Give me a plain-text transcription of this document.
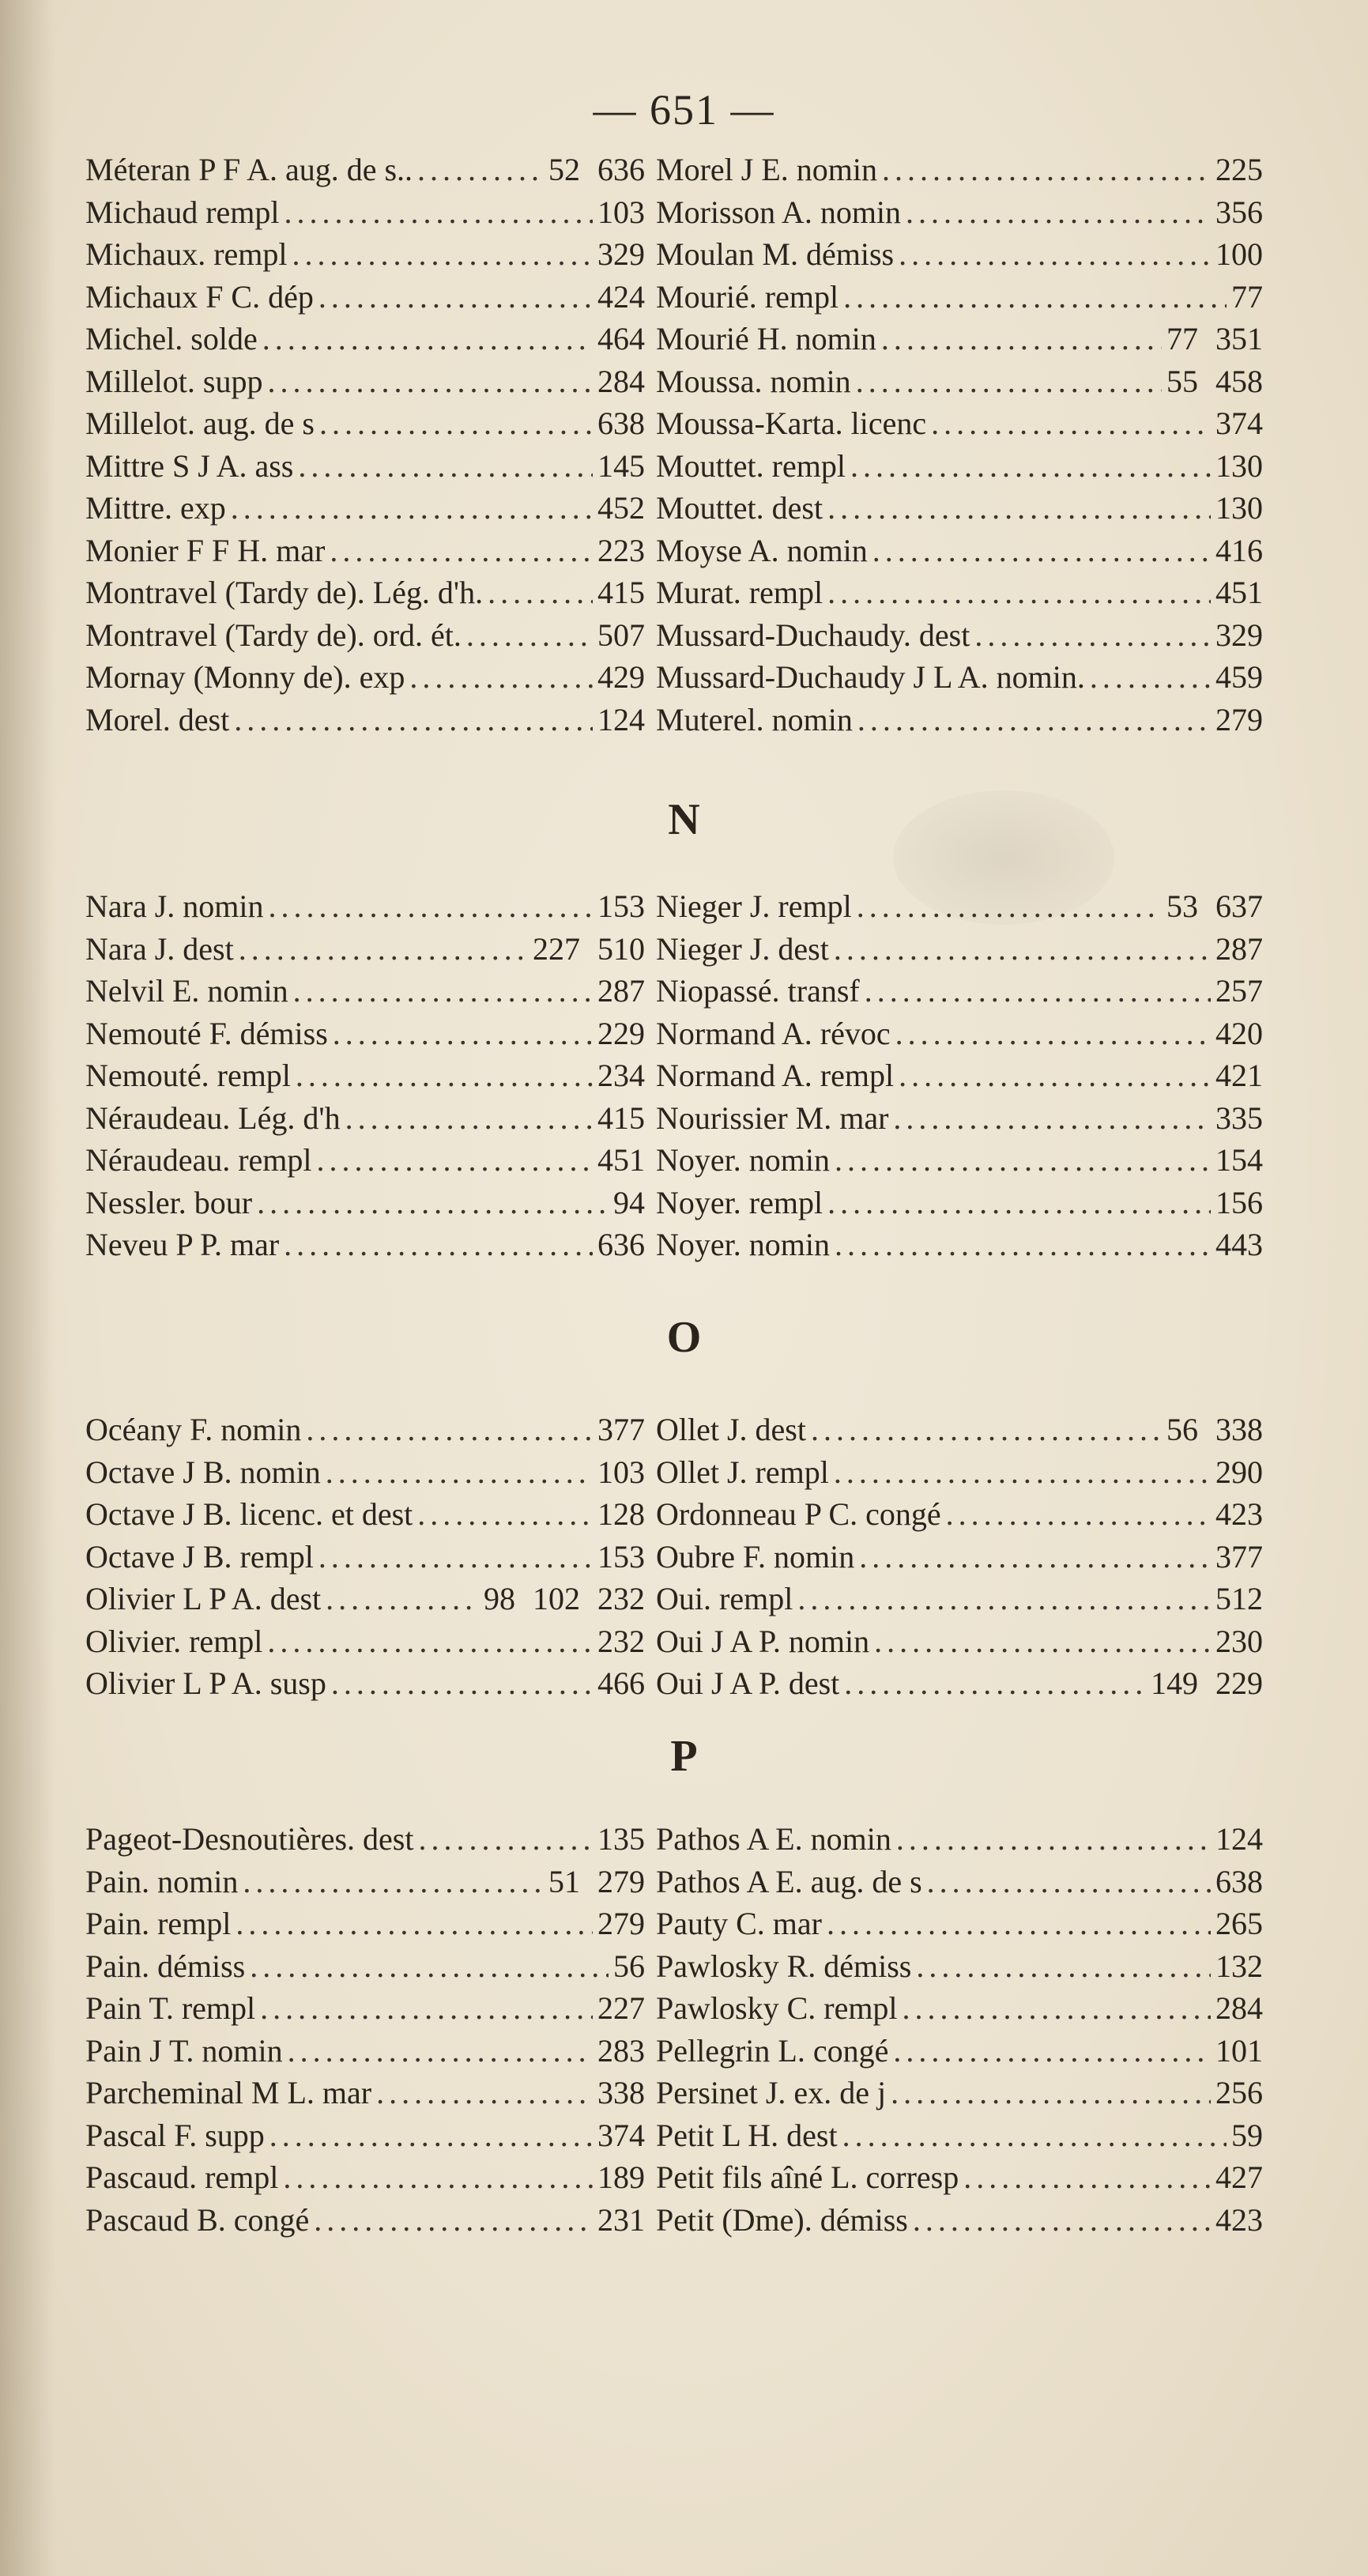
— 651 —
Méteran P F A. aug. de s.. . . .	52 636
Michaud rempl . . .	103
Michaux. rempl . . .	329
Michaux F C. dép . . .	424
Michel. solde . . .	464
Millelot. supp . . .	284
Millelot. aug. de s . . .	638
Mittre S J A. ass . . .	145
Mittre. exp . . .	452
Monier F F H. mar . . .	223
Montravel (Tardy de). Lég. d'h. . . .	415
Montravel (Tardy de). ord. ét. . . .	507
Mornay (Monny de). exp . . .	429
Morel. dest . . .	124
Morel J E. nomin . . .	225
Morisson A. nomin . . .	356
Moulan M. démiss . . .	100
Mourié. rempl . . .	77
Mourié H. nomin . . .	77 351
Moussa. nomin . . .	55 458
Moussa-Karta. licenc . . .	374
Mouttet. rempl . . .	130
Mouttet. dest . . .	130
Moyse A. nomin . . .	416
Murat. rempl . . .	451
Mussard-Duchaudy. dest . . .	329
Mussard-Duchaudy J L A. nomin. . . .	459
Muterel. nomin . . .	279
N
Nara J. nomin . . .	153
Nara J. dest . . .	227 510
Nelvil E. nomin . . .	287
Nemouté F. démiss . . .	229
Nemouté. rempl . . .	234
Néraudeau. Lég. d'h . . .	415
Néraudeau. rempl . . .	451
Nessler. bour . . .	94
Neveu P P. mar . . .	636
Nieger J. rempl . . .	53 637
Nieger J. dest . . .	287
Niopassé. transf . . .	257
Normand A. révoc . . .	420
Normand A. rempl . . .	421
Nourissier M. mar . . .	335
Noyer. nomin . . .	154
Noyer. rempl . . .	156
Noyer. nomin . . .	443
O
Océany F. nomin . . .	377
Octave J B. nomin . . .	103
Octave J B. licenc. et dest . . .	128
Octave J B. rempl . . .	153
Olivier L P A. dest . . .	98 102 232
Olivier. rempl . . .	232
Olivier L P A. susp . . .	466
Ollet J. dest . . .	56 338
Ollet J. rempl . . .	290
Ordonneau P C. congé . . .	423
Oubre F. nomin . . .	377
Oui. rempl . . .	512
Oui J A P. nomin . . .	230
Oui J A P. dest . . .	149 229
P
Pageot-Desnoutières. dest . . .	135
Pain. nomin . . .	51 279
Pain. rempl . . .	279
Pain. démiss . . .	56
Pain T. rempl . . .	227
Pain J T. nomin . . .	283
Parcheminal M L. mar . . .	338
Pascal F. supp . . .	374
Pascaud. rempl . . .	189
Pascaud B. congé . . .	231
Pathos A E. nomin . . .	124
Pathos A E. aug. de s . . .	638
Pauty C. mar . . .	265
Pawlosky R. démiss . . .	132
Pawlosky C. rempl . . .	284
Pellegrin L. congé . . .	101
Persinet J. ex. de j . . .	256
Petit L H. dest . . .	59
Petit fils aîné L. corresp . . .	427
Petit (Dme). démiss . . .	423
